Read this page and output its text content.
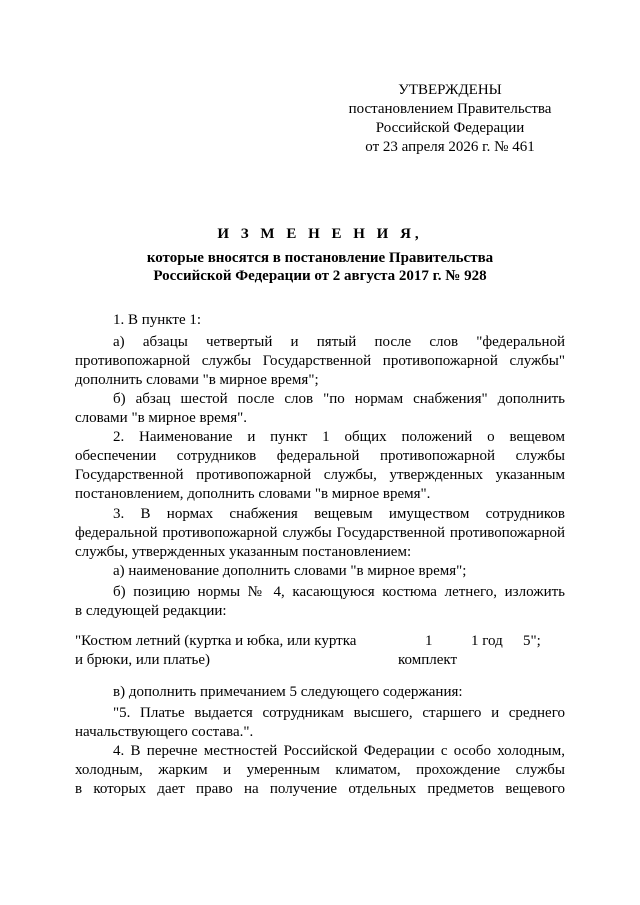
УТВЕРЖДЕНЫ
постановлением Правительства
Российской Федерации
от 23 апреля 2026 г. № 461
И З М Е Н Е Н И Я,
которые вносятся в постановление Правительства
Российской Федерации от 2 августа 2017 г. № 928
1. В пункте 1:
а) абзацы четвертый и пятый после слов "федеральной
противопожарной службы Государственной противопожарной службы"
дополнить словами "в мирное время";
б) абзац шестой после слов "по нормам снабжения" дополнить
словами "в мирное время".
2. Наименование и пункт 1 общих положений о вещевом
обеспечении сотрудников федеральной противопожарной службы
Государственной противопожарной службы, утвержденных указанным
постановлением, дополнить словами "в мирное время".
3. В нормах снабжения вещевым имуществом сотрудников
федеральной противопожарной службы Государственной противопожарной
службы, утвержденных указанным постановлением:
а) наименование дополнить словами "в мирное время";
б) позицию нормы № 4, касающуюся костюма летнего, изложить
в следующей редакции:
"Костюм летний (куртка и юбка, или куртка
и брюки, или платье)
1
комплект
1 год 5";
в) дополнить примечанием 5 следующего содержания:
"5. Платье выдается сотрудникам высшего, старшего и среднего
начальствующего состава.".
4. В перечне местностей Российской Федерации с особо холодным,
холодным, жарким и умеренным климатом, прохождение службы
в которых дает право на получение отдельных предметов вещевого
